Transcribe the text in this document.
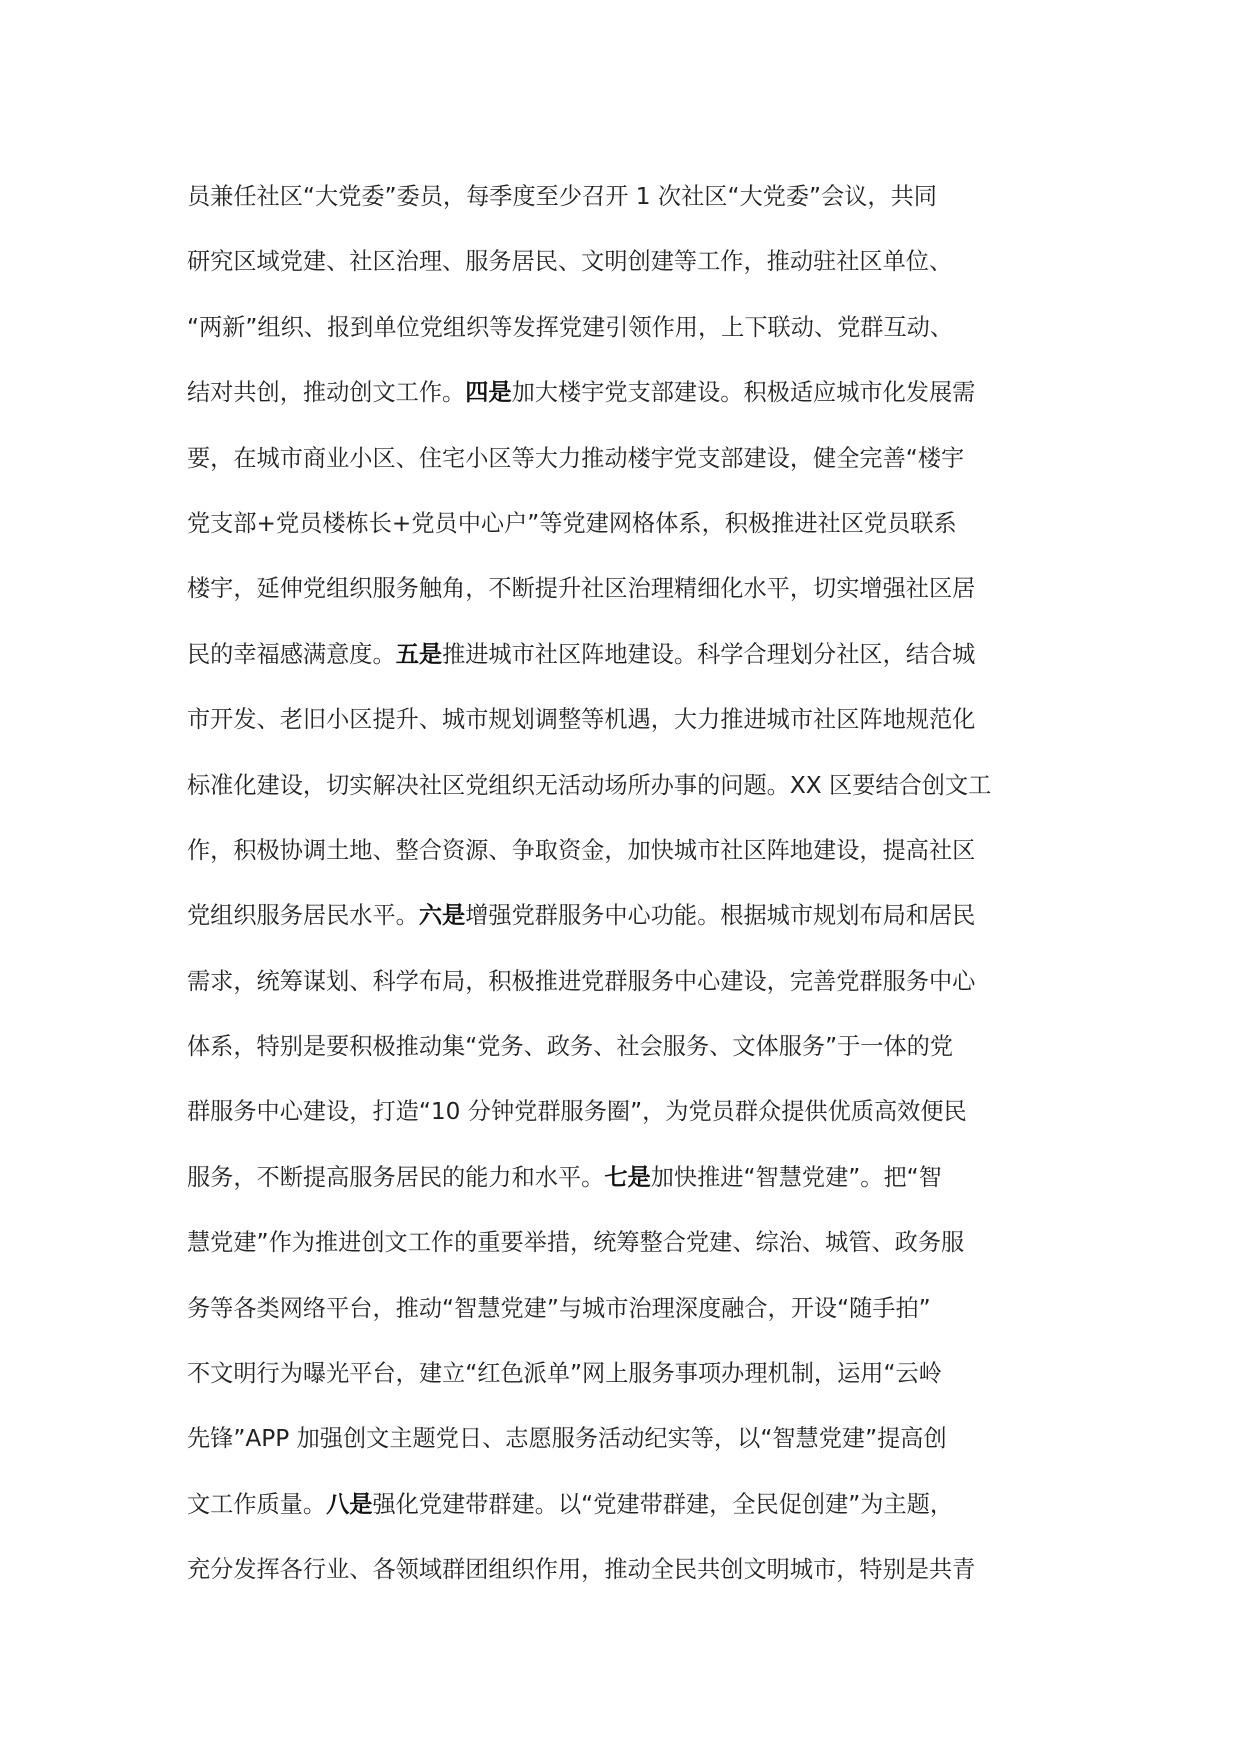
员兼任社区“大党委”委员，每季度至少召开 1 次社区“大党委”会议，共同
研究区域党建、社区治理、服务居民、文明创建等工作，推动驻社区单位、
“两新”组织、报到单位党组织等发挥党建引领作用，上下联动、党群互动、
结对共创，推动创文工作。四是加大楼宇党支部建设。积极适应城市化发展需
要，在城市商业小区、住宅小区等大力推动楼宇党支部建设，健全完善“楼宇
党支部+党员楼栋长+党员中心户”等党建网格体系，积极推进社区党员联系
楼宇，延伸党组织服务触角，不断提升社区治理精细化水平，切实增强社区居
民的幸福感满意度。五是推进城市社区阵地建设。科学合理划分社区，结合城
市开发、老旧小区提升、城市规划调整等机遇，大力推进城市社区阵地规范化
标准化建设，切实解决社区党组织无活动场所办事的问题。XX 区要结合创文工
作，积极协调土地、整合资源、争取资金，加快城市社区阵地建设，提高社区
党组织服务居民水平。六是增强党群服务中心功能。根据城市规划布局和居民
需求，统筹谋划、科学布局，积极推进党群服务中心建设，完善党群服务中心
体系，特别是要积极推动集“党务、政务、社会服务、文体服务”于一体的党
群服务中心建设，打造“10 分钟党群服务圈”，为党员群众提供优质高效便民
服务，不断提高服务居民的能力和水平。七是加快推进“智慧党建”。把“智
慧党建”作为推进创文工作的重要举措，统筹整合党建、综治、城管、政务服
务等各类网络平台，推动“智慧党建”与城市治理深度融合，开设“随手拍”
不文明行为曝光平台，建立“红色派单”网上服务事项办理机制，运用“云岭
先锋”APP 加强创文主题党日、志愿服务活动纪实等，以“智慧党建”提高创
文工作质量。八是强化党建带群建。以“党建带群建，全民促创建”为主题，
充分发挥各行业、各领域群团组织作用，推动全民共创文明城市，特别是共青
